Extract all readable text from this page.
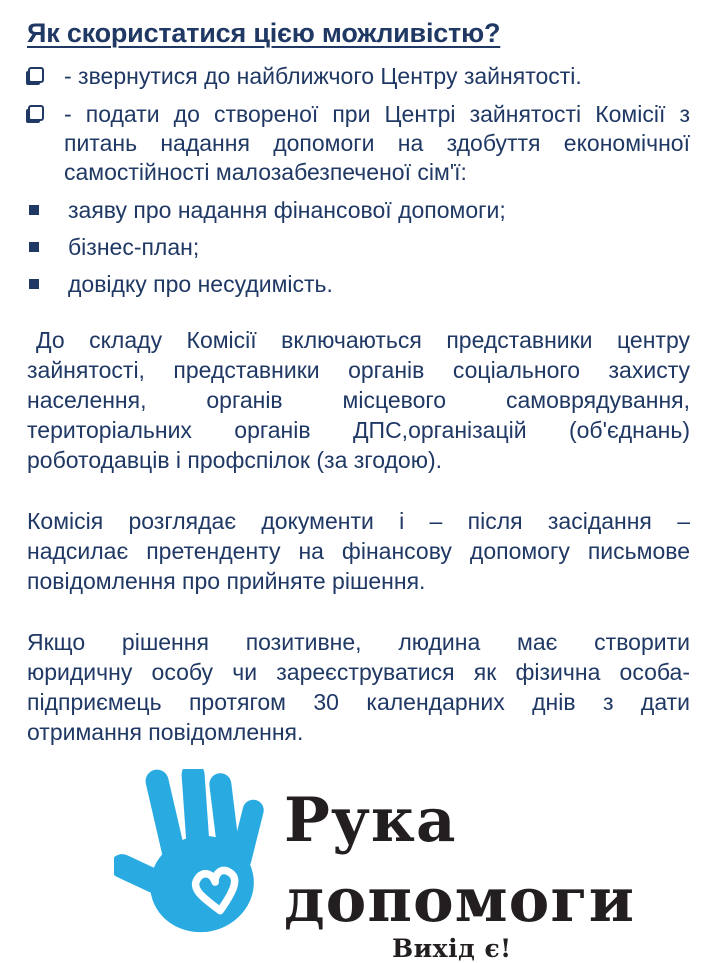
Як скористатися цією можливістю?
- звернутися до найближчого Центру зайнятості.
- подати до створеної при Центрі зайнятості Комісії з
питань надання допомоги на здобуття економічної
самостійності малозабезпеченої сім'ї:
заяву про надання фінансової допомоги;
бізнес-план;
довідку про несудимість.
До складу Комісії включаються представники центру
зайнятості, представники органів соціального захисту
населення, органів місцевого самоврядування,
територіальних органів ДПС,організацій (об'єднань)
роботодавців і профспілок (за згодою).
Комісія розглядає документи і – після засідання –
надсилає претенденту на фінансову допомогу письмове
повідомлення про прийняте рішення.
Якщо рішення позитивне, людина має створити
юридичну особу чи зареєструватися як фізична особа-
підприємець протягом 30 календарних днів з дати
отримання повідомлення.
Рука
допомоги
Вихід є!
